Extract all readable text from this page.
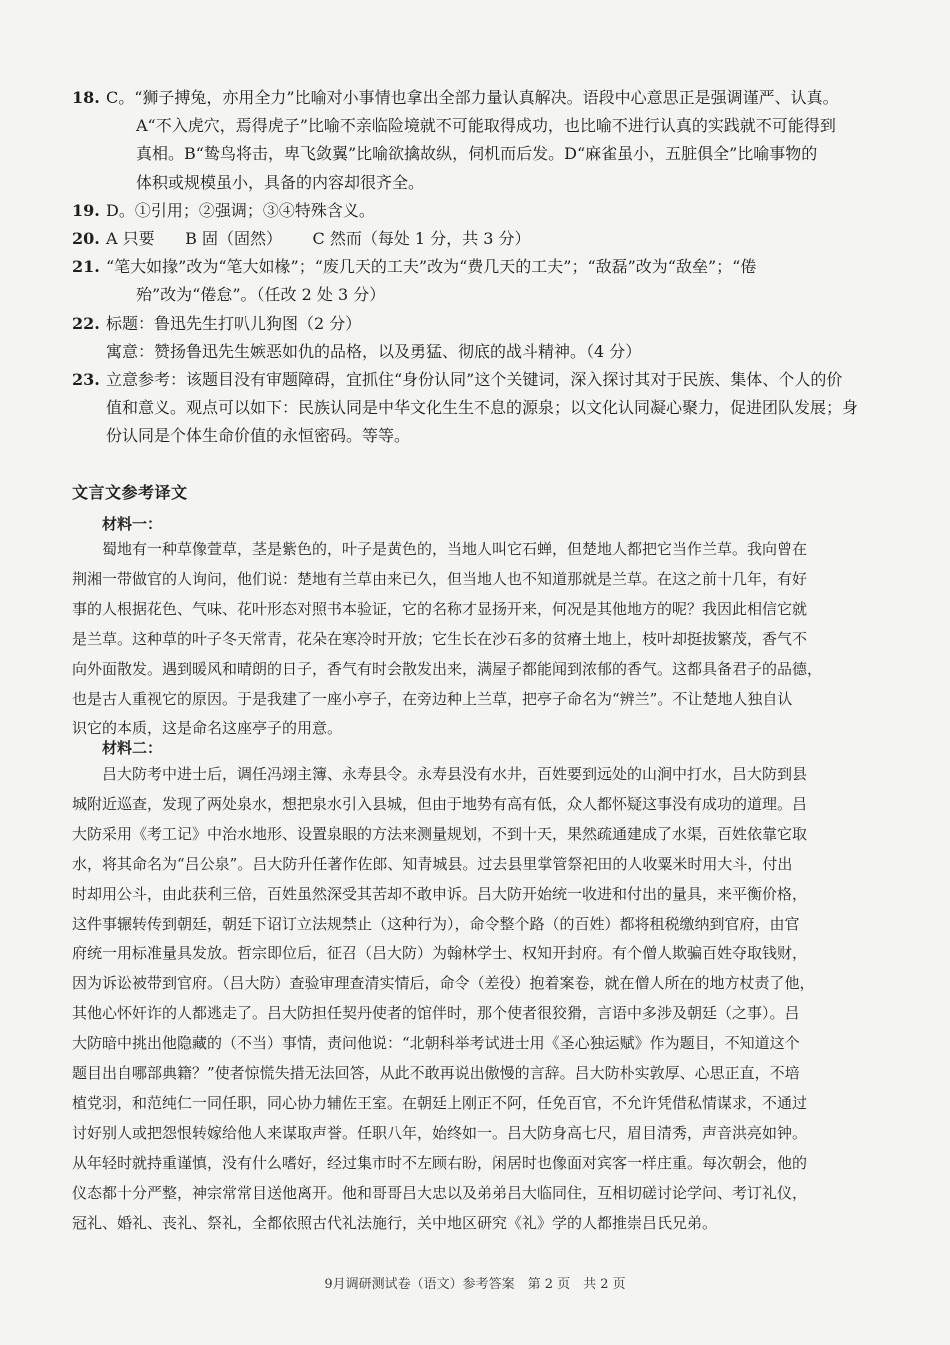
18. C。“狮子搏兔，亦用全力”比喻对小事情也拿出全部力量认真解决。语段中心意思正是强调谨严、认真。
A“不入虎穴，焉得虎子”比喻不亲临险境就不可能取得成功，也比喻不进行认真的实践就不可能得到
真相。B“鸷鸟将击，卑飞敛翼”比喻欲擒故纵，伺机而后发。D“麻雀虽小，五脏俱全”比喻事物的
体积或规模虽小，具备的内容却很齐全。
19. D。①引用；②强调；③④特殊含义。
20. A 只要      B 固（固然）      C 然而（每处 1 分，共 3 分）
21. “笔大如掾”改为“笔大如椽”；“废几天的工夫”改为“费几天的工夫”；“敌磊”改为“敌垒”；“倦
殆”改为“倦怠”。（任改 2 处 3 分）
22. 标题：鲁迅先生打叭儿狗图（2 分）
寓意：赞扬鲁迅先生嫉恶如仇的品格，以及勇猛、彻底的战斗精神。（4 分）
23. 立意参考：该题目没有审题障碍，宜抓住“身份认同”这个关键词，深入探讨其对于民族、集体、个人的价
值和意义。观点可以如下：民族认同是中华文化生生不息的源泉；以文化认同凝心聚力，促进团队发展；身
份认同是个体生命价值的永恒密码。等等。
文言文参考译文
材料一：
蜀地有一种草像萱草，茎是紫色的，叶子是黄色的，当地人叫它石蝉，但楚地人都把它当作兰草。我向曾在
荆湘一带做官的人询问，他们说：楚地有兰草由来已久，但当地人也不知道那就是兰草。在这之前十几年，有好
事的人根据花色、气味、花叶形态对照书本验证，它的名称才显扬开来，何况是其他地方的呢？我因此相信它就
是兰草。这种草的叶子冬天常青，花朵在寒冷时开放；它生长在沙石多的贫瘠土地上，枝叶却挺拔繁茂，香气不
向外面散发。遇到暖风和晴朗的日子，香气有时会散发出来，满屋子都能闻到浓郁的香气。这都具备君子的品德，
也是古人重视它的原因。于是我建了一座小亭子，在旁边种上兰草，把亭子命名为“辨兰”。不让楚地人独自认
识它的本质，这是命名这座亭子的用意。
材料二：
吕大防考中进士后，调任冯翊主簿、永寿县令。永寿县没有水井，百姓要到远处的山涧中打水，吕大防到县
城附近巡查，发现了两处泉水，想把泉水引入县城，但由于地势有高有低，众人都怀疑这事没有成功的道理。吕
大防采用《考工记》中治水地形、设置泉眼的方法来测量规划，不到十天，果然疏通建成了水渠，百姓依靠它取
水，将其命名为“吕公泉”。吕大防升任著作佐郎、知青城县。过去县里掌管祭祀田的人收粟米时用大斗，付出
时却用公斗，由此获利三倍，百姓虽然深受其苦却不敢申诉。吕大防开始统一收进和付出的量具，来平衡价格，
这件事辗转传到朝廷，朝廷下诏订立法规禁止（这种行为），命令整个路（的百姓）都将租税缴纳到官府，由官
府统一用标准量具发放。哲宗即位后，征召（吕大防）为翰林学士、权知开封府。有个僧人欺骗百姓夺取钱财，
因为诉讼被带到官府。（吕大防）查验审理查清实情后，命令（差役）抱着案卷，就在僧人所在的地方杖责了他，
其他心怀奸诈的人都逃走了。吕大防担任契丹使者的馆伴时，那个使者很狡猾，言语中多涉及朝廷（之事）。吕
大防暗中挑出他隐藏的（不当）事情，责问他说：“北朝科举考试进士用《圣心独运赋》作为题目，不知道这个
题目出自哪部典籍？”使者惊慌失措无法回答，从此不敢再说出傲慢的言辞。吕大防朴实敦厚、心思正直，不培
植党羽，和范纯仁一同任职，同心协力辅佐王室。在朝廷上刚正不阿，任免百官，不允许凭借私情谋求，不通过
讨好别人或把怨恨转嫁给他人来谋取声誉。任职八年，始终如一。吕大防身高七尺，眉目清秀，声音洪亮如钟。
从年轻时就持重谨慎，没有什么嗜好，经过集市时不左顾右盼，闲居时也像面对宾客一样庄重。每次朝会，他的
仪态都十分严整，神宗常常目送他离开。他和哥哥吕大忠以及弟弟吕大临同住，互相切磋讨论学问、考订礼仪，
冠礼、婚礼、丧礼、祭礼，全都依照古代礼法施行，关中地区研究《礼》学的人都推崇吕氏兄弟。
9月调研测试卷（语文）参考答案　第 2 页　共 2 页
